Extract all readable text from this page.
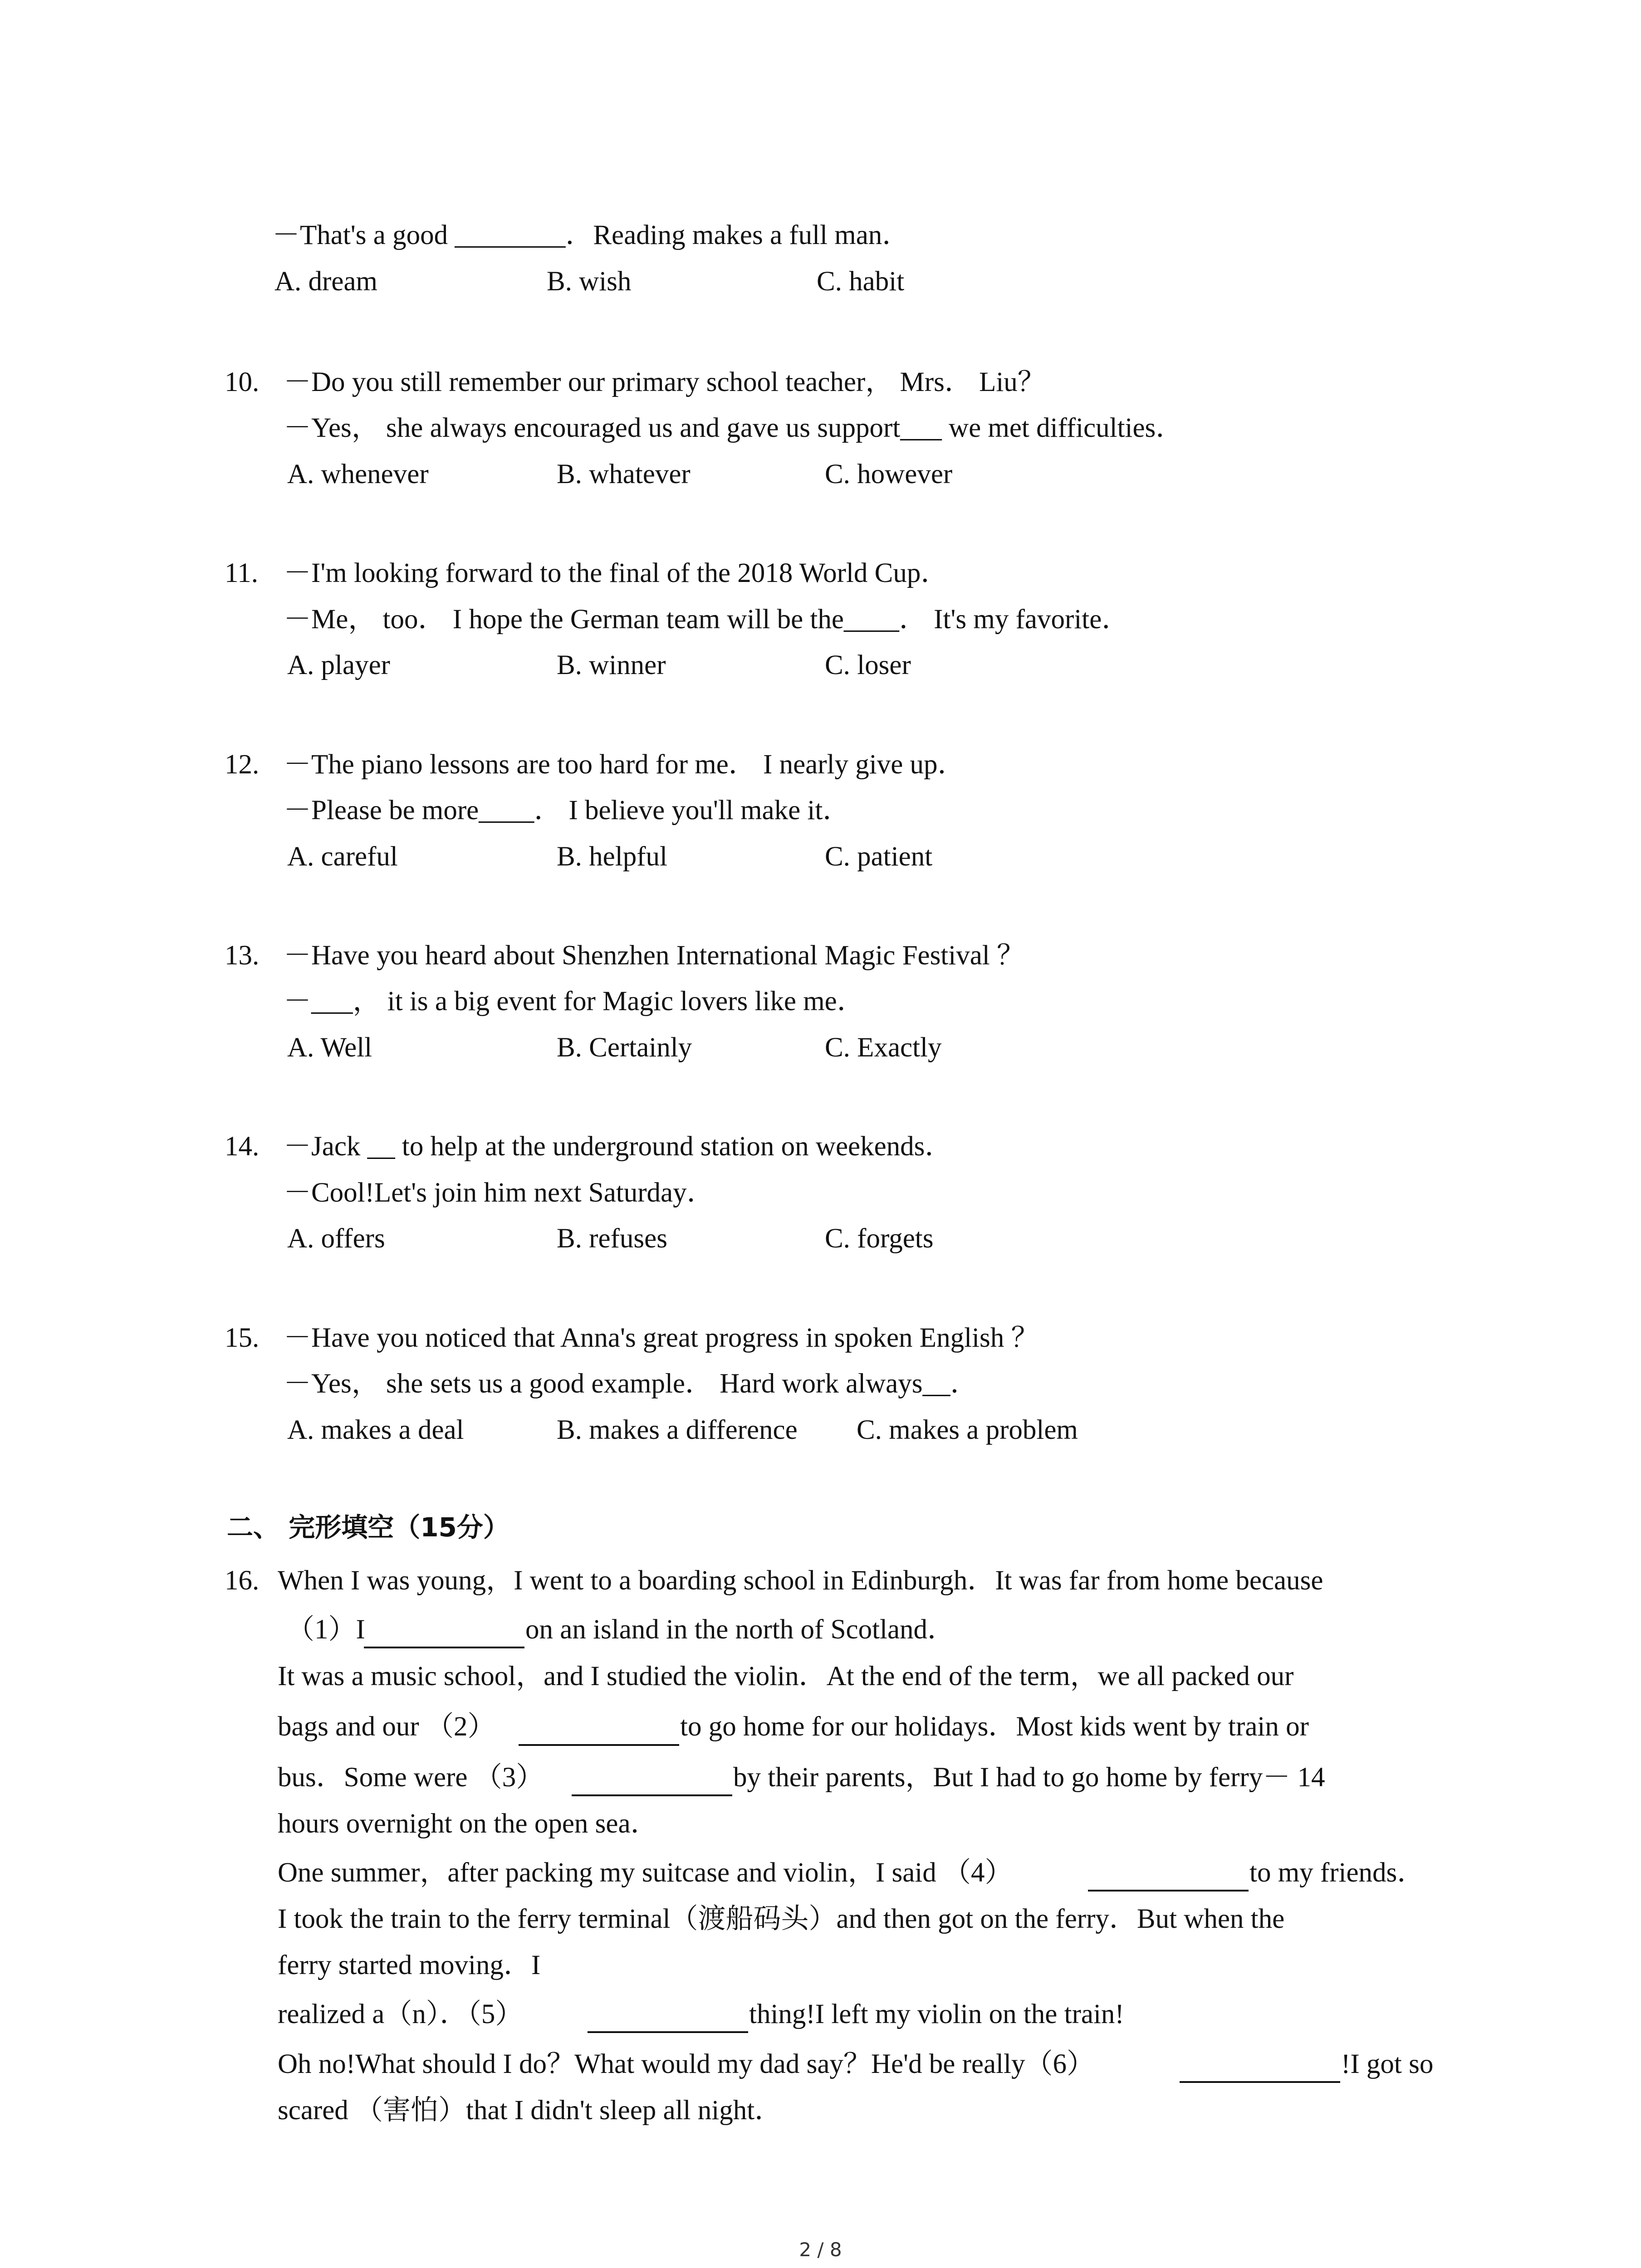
－That's a good ________．Reading makes a full man．
A. dream	B. wish	C. habit
10. －Do you still remember our primary school teacher， Mrs． Liu？
－Yes， she always encouraged us and gave us support___ we met difficulties．
A. whenever	B. whatever	C. however
11. －I'm looking forward to the final of the 2018 World Cup．
－Me， too． I hope the German team will be the____． It's my favorite．
A. player	B. winner	C. loser
12. －The piano lessons are too hard for me． I nearly give up．
－Please be more____． I believe you'll make it．
A. careful	B. helpful	C. patient
13. －Have you heard about Shenzhen International Magic Festival ？
－___， it is a big event for Magic lovers like me．
A. Well	B. Certainly	C. Exactly
14. －Jack __ to help at the underground station on weekends．
－Cool!Let's join him next Saturday．
A. offers	B. refuses	C. forgets
15. －Have you noticed that Anna's great progress in spoken English ？
－Yes， she sets us a good example． Hard work always__．
A. makes a deal	B. makes a difference C. makes a problem
二、 完形填空（15分）
16. When I was young，I went to a boarding school in Edinburgh．It was far from home because
（1）I	on an island in the north of Scotland．
It was a music school，and I studied the violin．At the end of the term，we all packed our
bags and our （2）	to go home for our holidays．Most kids went by train or
bus．Some were （3）	by their parents，But I had to go home by ferry－ 14
hours overnight on the open sea．
One summer，after packing my suitcase and violin，I said （4）	to my friends．
I took the train to the ferry terminal（渡船码头）and then got on the ferry．But when the
ferry started moving．I
realized a（n）．（5）	thing!I left my violin on the train!
Oh no!What should I do？What would my dad say？He'd be really（6）	!I got so
scared （害怕）that I didn't sleep all night．
2 / 8
